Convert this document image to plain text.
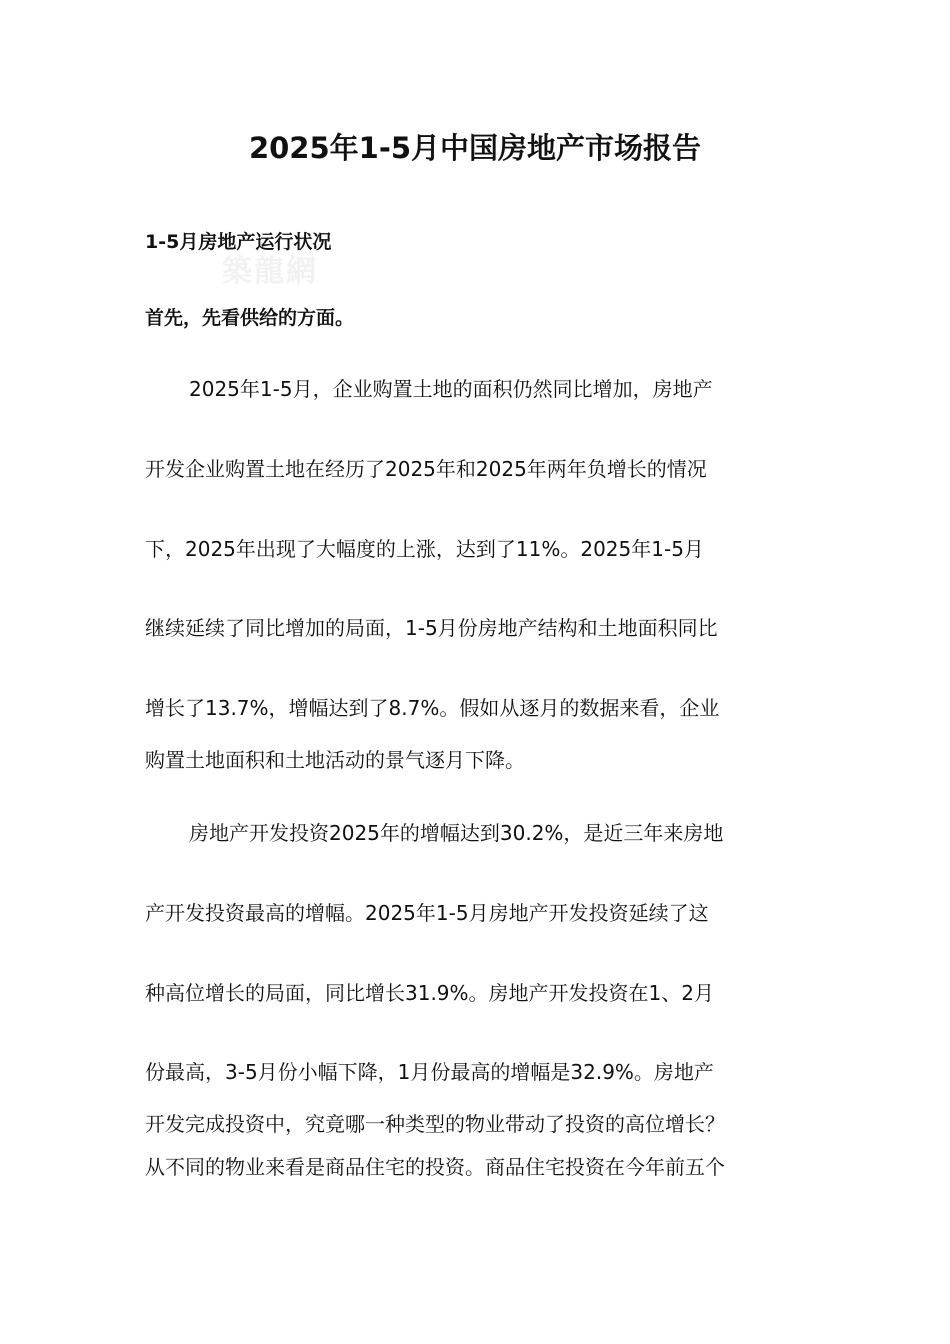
2025年1-5月中国房地产市场报告
1-5月房地产运行状况
築龍網
首先，先看供给的方面。
2025年1-5月，企业购置土地的面积仍然同比增加，房地产
开发企业购置土地在经历了2025年和2025年两年负增长的情况
下，2025年出现了大幅度的上涨，达到了11%。2025年1-5月
继续延续了同比增加的局面，1-5月份房地产结构和土地面积同比
增长了13.7%，增幅达到了8.7%。假如从逐月的数据来看，企业
购置土地面积和土地活动的景气逐月下降。
房地产开发投资2025年的增幅达到30.2%，是近三年来房地
产开发投资最高的增幅。2025年1-5月房地产开发投资延续了这
种高位增长的局面，同比增长31.9%。房地产开发投资在1、2月
份最高，3-5月份小幅下降，1月份最高的增幅是32.9%。房地产
开发完成投资中，究竟哪一种类型的物业带动了投资的高位增长？
从不同的物业来看是商品住宅的投资。商品住宅投资在今年前五个
